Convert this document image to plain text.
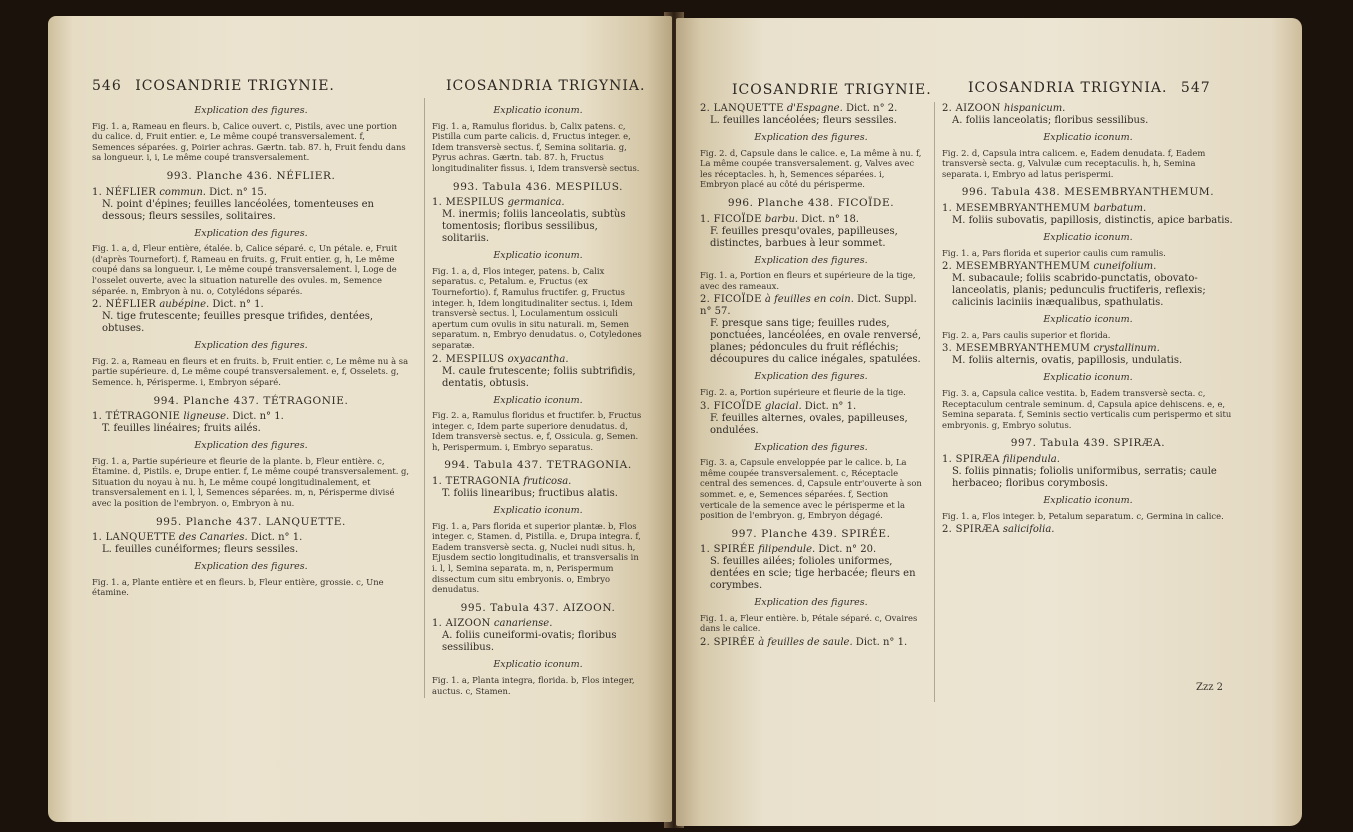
546 ICOSANDRIE TRIGYNIE.	ICOSANDRIA TRIGYNIA.
Explication des figures.

Fig. 1. a, Rameau en fleurs. b, Calice ouvert. c, Pistils, avec une portion du calice. d, Fruit entier. e, Le même coupé transversalement. f, Semences séparées. g, Poirier achras. Gærtn. tab. 87. h, Fruit fendu dans sa longueur. i, i, Le même coupé transversalement.

993. Planche 436. NÉFLIER.
1. NÉFLIER commun. Dict. n° 15.
N. point d'épines; feuilles lancéolées, tomenteuses en dessous; fleurs sessiles, solitaires.
Explication des figures.

Fig. 1. a, d, Fleur entière, étalée. b, Calice séparé. c, Un pétale. e, Fruit (d'après Tournefort). f, Rameau en fruits. g, Fruit entier. g, h, Le même coupé dans sa longueur. i, Le même coupé transversalement. l, Loge de l'osselet ouverte, avec la situation naturelle des ovules. m, Semence séparée. n, Embryon à nu. o, Cotylédons séparés.

2. NÉFLIER aubépine. Dict. n° 1.
N. tige frutescente; feuilles presque trifides, dentées, obtuses.
Explication des figures.

Fig. 2. a, Rameau en fleurs et en fruits. b, Fruit entier. c, Le même nu à sa partie supérieure. d, Le même coupé transversalement. e, f, Osselets. g, Semence. h, Périsperme. i, Embryon séparé.

994. Planche 437. TÉTRAGONIE.
1. TÉTRAGONIE ligneuse. Dict. n° 1.
T. feuilles linéaires; fruits ailés.
Explication des figures.

Fig. 1. a, Partie supérieure et fleurie de la plante. b, Fleur entière. c, Étamine. d, Pistils. e, Drupe entier. f, Le même coupé transversalement. g, Situation du noyau à nu. h, Le même coupé longitudinalement, et transversalement en i. l, l, Semences séparées. m, n, Périsperme divisé avec la position de l'embryon. o, Embryon à nu.

995. Planche 437. LANQUETTE.
1. LANQUETTE des Canaries. Dict. n° 1.
L. feuilles cunéiformes; fleurs sessiles.
Explication des figures.

Fig. 1. a, Plante entière et en fleurs. b, Fleur entière, grossie. c, Une étamine.

Explicatio iconum.

Fig. 1. a, Ramulus floridus. b, Calix patens. c, Pistilla cum parte calicis. d, Fructus integer. e, Idem transversè sectus. f, Semina solitaria. g, Pyrus achras. Gærtn. tab. 87. h, Fructus longitudinaliter fissus. i, Idem transversè sectus.

993. Tabula 436. MESPILUS.
1. MESPILUS germanica.
M. inermis; foliis lanceolatis, subtùs tomentosis; floribus sessilibus, solitariis.
Explicatio iconum.

Fig. 1. a, d, Flos integer, patens. b, Calix separatus. c, Petalum. e, Fructus (ex Tournefortio). f, Ramulus fructifer. g, Fructus integer. h, Idem longitudinaliter sectus. i, Idem transversè sectus. l, Loculamentum ossiculi apertum cum ovulis in situ naturali. m, Semen separatum. n, Embryo denudatus. o, Cotyledones separatæ.

2. MESPILUS oxyacantha.
M. caule frutescente; foliis subtrifidis, dentatis, obtusis.
Explicatio iconum.

Fig. 2. a, Ramulus floridus et fructifer. b, Fructus integer. c, Idem parte superiore denudatus. d, Idem transversè sectus. e, f, Ossicula. g, Semen. h, Perispermum. i, Embryo separatus.

994. Tabula 437. TETRAGONIA.
1. TETRAGONIA fruticosa.
T. foliis linearibus; fructibus alatis.
Explicatio iconum.

Fig. 1. a, Pars florida et superior plantæ. b, Flos integer. c, Stamen. d, Pistilla. e, Drupa integra. f, Eadem transversè secta. g, Nuclei nudi situs. h, Ejusdem sectio longitudinalis, et transversalis in i. l, l, Semina separata. m, n, Perispermum dissectum cum situ embryonis. o, Embryo denudatus.

995. Tabula 437. AIZOON.
1. AIZOON canariense.
A. foliis cuneiformi-ovatis; floribus sessilibus.
Explicatio iconum.

Fig. 1. a, Planta integra, florida. b, Flos integer, auctus. c, Stamen.

ICOSANDRIE TRIGYNIE.	ICOSANDRIA TRIGYNIA. 547
2. LANQUETTE d'Espagne. Dict. n° 2.
L. feuilles lancéolées; fleurs sessiles.
Explication des figures.

Fig. 2. d, Capsule dans le calice. e, La même à nu. f, La même coupée transversalement. g, Valves avec les réceptacles. h, h, Semences séparées. i, Embryon placé au côté du périsperme.

996. Planche 438. FICOÏDE.
1. FICOÏDE barbu. Dict. n° 18.
F. feuilles presqu'ovales, papilleuses, distinctes, barbues à leur sommet.
Explication des figures.

Fig. 1. a, Portion en fleurs et supérieure de la tige, avec des rameaux.

2. FICOÏDE à feuilles en coin. Dict. Suppl. n° 57.
F. presque sans tige; feuilles rudes, ponctuées, lancéolées, en ovale renversé, planes; pédoncules du fruit réfléchis; découpures du calice inégales, spatulées.
Explication des figures.

Fig. 2. a, Portion supérieure et fleurie de la tige.

3. FICOÏDE glacial. Dict. n° 1.
F. feuilles alternes, ovales, papilleuses, ondulées.
Explication des figures.

Fig. 3. a, Capsule enveloppée par le calice. b, La même coupée transversalement. c, Réceptacle central des semences. d, Capsule entr'ouverte à son sommet. e, e, Semences séparées. f, Section verticale de la semence avec le périsperme et la position de l'embryon. g, Embryon dégagé.

997. Planche 439. SPIRÉE.
1. SPIRÉE filipendule. Dict. n° 20.
S. feuilles ailées; folioles uniformes, dentées en scie; tige herbacée; fleurs en corymbes.
Explication des figures.

Fig. 1. a, Fleur entière. b, Pétale séparé. c, Ovaires dans le calice.

2. SPIRÉE à feuilles de saule. Dict. n° 1.
2. AIZOON hispanicum.
A. foliis lanceolatis; floribus sessilibus.
Explicatio iconum.

Fig. 2. d, Capsula intra calicem. e, Eadem denudata. f, Eadem transversè secta. g, Valvulæ cum receptaculis. h, h, Semina separata. i, Embryo ad latus perispermi.

996. Tabula 438. MESEMBRYANTHEMUM.
1. MESEMBRYANTHEMUM barbatum.
M. foliis subovatis, papillosis, distinctis, apice barbatis.
Explicatio iconum.

Fig. 1. a, Pars florida et superior caulis cum ramulis.

2. MESEMBRYANTHEMUM cuneifolium.
M. subacaule; foliis scabrido-punctatis, obovato-lanceolatis, planis; pedunculis fructiferis, reflexis; calicinis laciniis inæqualibus, spathulatis.
Explicatio iconum.

Fig. 2. a, Pars caulis superior et florida.

3. MESEMBRYANTHEMUM crystallinum.
M. foliis alternis, ovatis, papillosis, undulatis.
Explicatio iconum.

Fig. 3. a, Capsula calice vestita. b, Eadem transversè secta. c, Receptaculum centrale seminum. d, Capsula apice dehiscens. e, e, Semina separata. f, Seminis sectio verticalis cum perispermo et situ embryonis. g, Embryo solutus.

997. Tabula 439. SPIRÆA.
1. SPIRÆA filipendula.
S. foliis pinnatis; foliolis uniformibus, serratis; caule herbaceo; floribus corymbosis.
Explicatio iconum.

Fig. 1. a, Flos integer. b, Petalum separatum. c, Germina in calice.

2. SPIRÆA salicifolia.
Zzz 2
